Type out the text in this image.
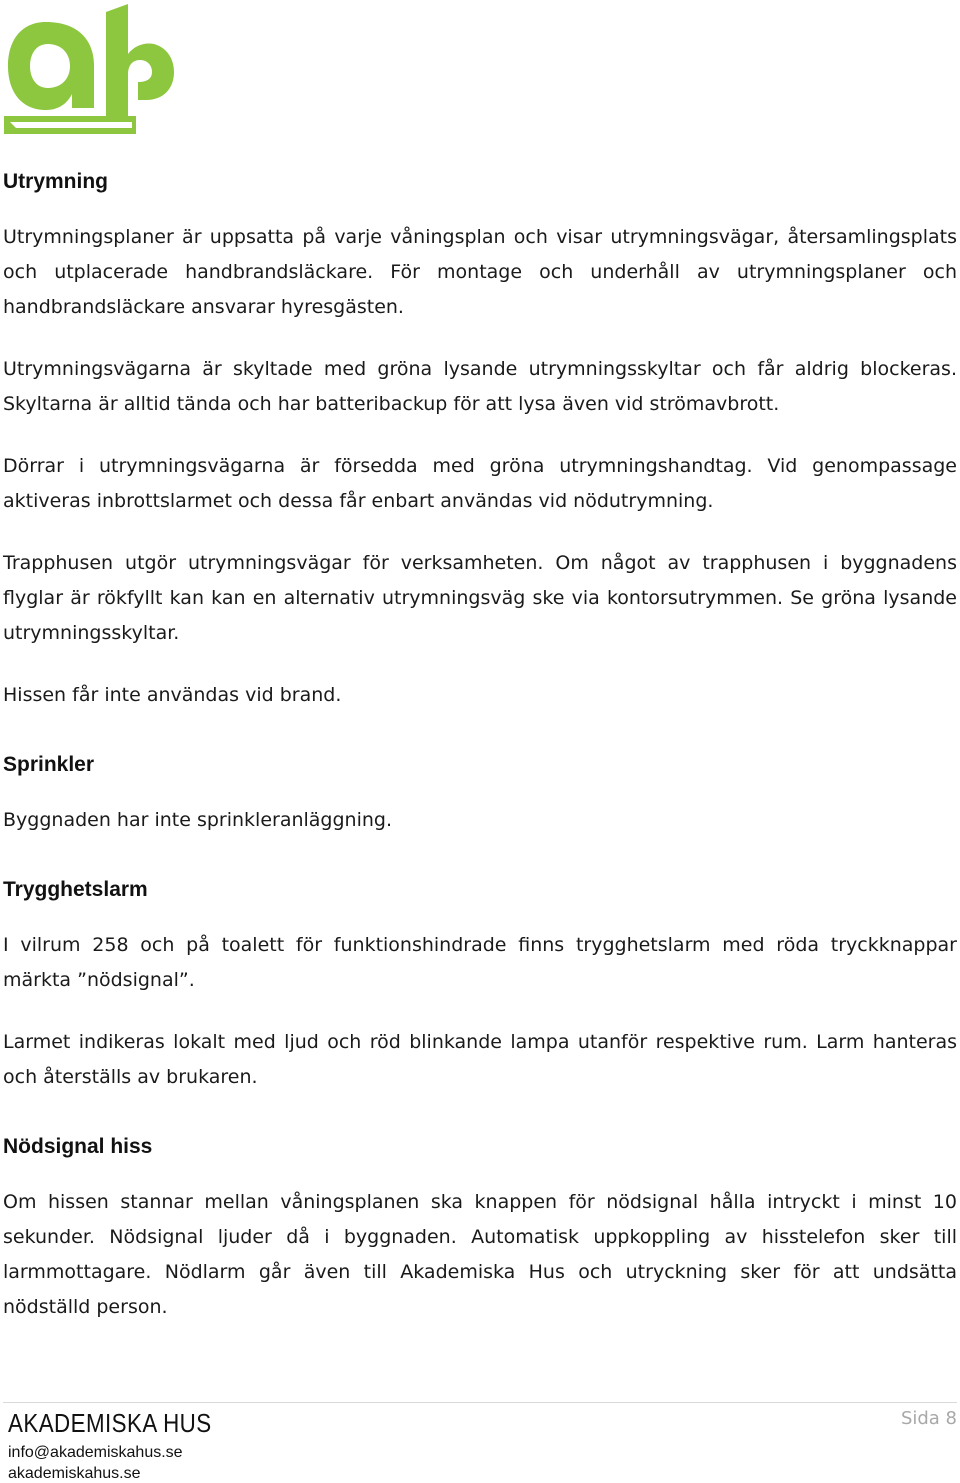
Utrymning

Utrymningsplaner är uppsatta på varje våningsplan och visar utrymningsvägar, återsamlingsplats och utplacerade handbrandsläckare. För montage och underhåll av utrymningsplaner och handbrandsläckare ansvarar hyresgästen.

Utrymningsvägarna är skyltade med gröna lysande utrymningsskyltar och får aldrig blockeras. Skyltarna är alltid tända och har batteribackup för att lysa även vid strömavbrott.

Dörrar i utrymningsvägarna är försedda med gröna utrymningshandtag. Vid genompassage aktiveras inbrottslarmet och dessa får enbart användas vid nödutrymning.

Trapphusen utgör utrymningsvägar för verksamheten. Om något av trapphusen i byggnadens flyglar är rökfyllt kan kan en alternativ utrymningsväg ske via kontorsutrymmen. Se gröna lysande utrymningsskyltar.

Hissen får inte användas vid brand.

Sprinkler

Byggnaden har inte sprinkleranläggning.

Trygghetslarm

I vilrum 258 och på toalett för funktionshindrade finns trygghetslarm med röda tryckknappar märkta ”nödsignal”.

Larmet indikeras lokalt med ljud och röd blinkande lampa utanför respektive rum. Larm hanteras och återställs av brukaren.

Nödsignal hiss

Om hissen stannar mellan våningsplanen ska knappen för nödsignal hålla intryckt i minst 10 sekunder. Nödsignal ljuder då i byggnaden. Automatisk uppkoppling av hisstelefon sker till larmmottagare. Nödlarm går även till Akademiska Hus och utryckning sker för att undsätta nödställd person.

AKADEMISKA HUS
info@akademiskahus.se
akademiskahus.se
Sida 8
